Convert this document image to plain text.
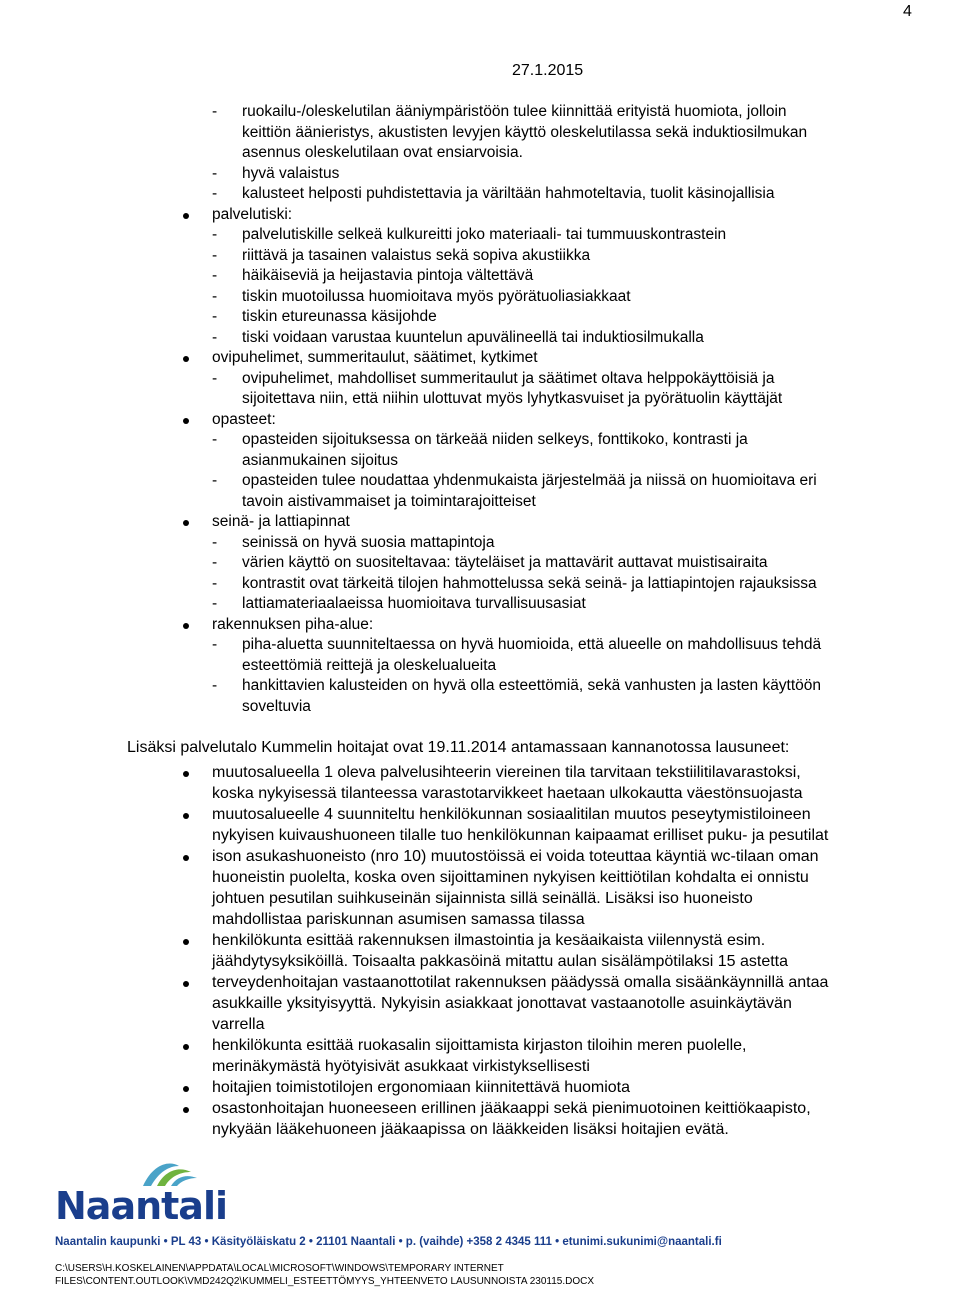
4
27.1.2015
ruokailu-/oleskelutilan ääniympäristöön tulee kiinnittää erityistä huomiota, jolloin
-
keittiön äänieristys, akustisten levyjen käyttö oleskelutilassa sekä induktiosilmukan
asennus oleskelutilaan ovat ensiarvoisia.
hyvä valaistus
-
kalusteet helposti puhdistettavia ja väriltään hahmoteltavia, tuolit käsinojallisia
-
palvelutiski:
palvelutiskille selkeä kulkureitti joko materiaali- tai tummuuskontrastein
-
riittävä ja tasainen valaistus sekä sopiva akustiikka
-
häikäiseviä ja heijastavia pintoja vältettävä
-
tiskin muotoilussa huomioitava myös pyörätuoliasiakkaat
-
tiskin etureunassa käsijohde
-
tiski voidaan varustaa kuuntelun apuvälineellä tai induktiosilmukalla
-
ovipuhelimet, summeritaulut, säätimet, kytkimet
ovipuhelimet, mahdolliset summeritaulut ja säätimet oltava helppokäyttöisiä ja
-
sijoitettava niin, että niihin ulottuvat myös lyhytkasvuiset ja pyörätuolin käyttäjät
opasteet:
opasteiden sijoituksessa on tärkeää niiden selkeys, fonttikoko, kontrasti ja
-
asianmukainen sijoitus
opasteiden tulee noudattaa yhdenmukaista järjestelmää ja niissä on huomioitava eri
-
tavoin aistivammaiset ja toimintarajoitteiset
seinä- ja lattiapinnat
seinissä on hyvä suosia mattapintoja
-
värien käyttö on suositeltavaa: täyteläiset ja mattavärit auttavat muistisairaita
-
kontrastit ovat tärkeitä tilojen hahmottelussa sekä seinä- ja lattiapintojen rajauksissa
-
lattiamateriaalaeissa huomioitava turvallisuusasiat
-
rakennuksen piha-alue:
piha-aluetta suunniteltaessa on hyvä huomioida, että alueelle on mahdollisuus tehdä
-
esteettömiä reittejä ja oleskelualueita
hankittavien kalusteiden on hyvä olla esteettömiä, sekä vanhusten ja lasten käyttöön
-
soveltuvia
Lisäksi palvelutalo Kummelin hoitajat ovat 19.11.2014 antamassaan kannanotossa lausuneet:
muutosalueella 1 oleva palvelusihteerin viereinen tila tarvitaan tekstiilitilavarastoksi,
koska nykyisessä tilanteessa varastotarvikkeet haetaan ulkokautta väestönsuojasta
muutosalueelle 4 suunniteltu henkilökunnan sosiaalitilan muutos peseytymistiloineen
nykyisen kuivaushuoneen tilalle tuo henkilökunnan kaipaamat erilliset puku- ja pesutilat
ison asukashuoneisto (nro 10) muutostöissä ei voida toteuttaa käyntiä wc-tilaan oman
huoneistin puolelta, koska oven sijoittaminen nykyisen keittiötilan kohdalta ei onnistu
johtuen pesutilan suihkuseinän sijainnista sillä seinällä. Lisäksi iso huoneisto
mahdollistaa pariskunnan asumisen samassa tilassa
henkilökunta esittää rakennuksen ilmastointia ja kesäaikaista viilennystä esim.
jäähdytysyksiköillä. Toisaalta pakkasöinä mitattu aulan sisälämpötilaksi 15 astetta
terveydenhoitajan vastaanottotilat rakennuksen päädyssä omalla sisäänkäynnillä antaa
asukkaille yksityisyyttä. Nykyisin asiakkaat jonottavat vastaanotolle asuinkäytävän
varrella
henkilökunta esittää ruokasalin sijoittamista kirjaston tiloihin meren puolelle,
merinäkymästä hyötyisivät asukkaat virkistyksellisesti
hoitajien toimistotilojen ergonomiaan kiinnitettävä huomiota
osastonhoitajan huoneeseen erillinen jääkaappi sekä pienimuotoinen keittiökaapisto,
nykyään lääkehuoneen jääkaapissa on lääkkeiden lisäksi hoitajien evätä.
Naantali
Naantalin kaupunki • PL 43 • Käsityöläiskatu 2 • 21101 Naantali • p. (vaihde) +358 2 4345 111 • etunimi.sukunimi@naantali.fi
C:\USERS\H.KOSKELAINEN\APPDATA\LOCAL\MICROSOFT\WINDOWS\TEMPORARY INTERNET
FILES\CONTENT.OUTLOOK\VMD242Q2\KUMMELI_ESTEETTÖMYYS_YHTEENVETO LAUSUNNOISTA 230115.DOCX
